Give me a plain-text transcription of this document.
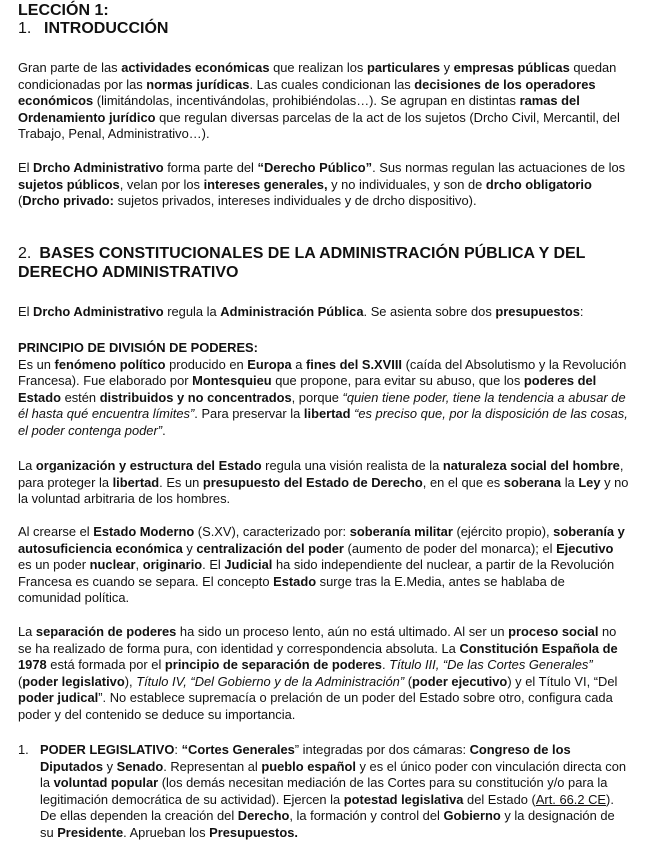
LECCIÓN 1:
1. INTRODUCCIÓN

Gran parte de las actividades económicas que realizan los particulares y empresas públicas quedan condicionadas por las normas jurídicas. Las cuales condicionan las decisiones de los operadores económicos (limitándolas, incentivándolas, prohibiéndolas…). Se agrupan en distintas ramas del Ordenamiento jurídico que regulan diversas parcelas de la act de los sujetos (Drcho Civil, Mercantil, del Trabajo, Penal, Administrativo…).

El Drcho Administrativo forma parte del “Derecho Público”. Sus normas regulan las actuaciones de los sujetos públicos, velan por los intereses generales, y no individuales, y son de drcho obligatorio (Drcho privado: sujetos privados, intereses individuales y de drcho dispositivo).

2. BASES CONSTITUCIONALES DE LA ADMINISTRACIÓN PÚBLICA Y DEL DERECHO ADMINISTRATIVO

El Drcho Administrativo regula la Administración Pública. Se asienta sobre dos presupuestos:

PRINCIPIO DE DIVISIÓN DE PODERES:
Es un fenómeno político producido en Europa a fines del S.XVIII (caída del Absolutismo y la Revolución Francesa). Fue elaborado por Montesquieu que propone, para evitar su abuso, que los poderes del Estado estén distribuidos y no concentrados, porque “quien tiene poder, tiene la tendencia a abusar de él hasta qué encuentra límites”. Para preservar la libertad “es preciso que, por la disposición de las cosas, el poder contenga poder”.

La organización y estructura del Estado regula una visión realista de la naturaleza social del hombre, para proteger la libertad. Es un presupuesto del Estado de Derecho, en el que es soberana la Ley y no la voluntad arbitraria de los hombres.

Al crearse el Estado Moderno (S.XV), caracterizado por: soberanía militar (ejército propio), soberanía y autosuficiencia económica y centralización del poder (aumento de poder del monarca); el Ejecutivo es un poder nuclear, originario. El Judicial ha sido independiente del nuclear, a partir de la Revolución Francesa es cuando se separa. El concepto Estado surge tras la E.Media, antes se hablaba de comunidad política.

La separación de poderes ha sido un proceso lento, aún no está ultimado. Al ser un proceso social no se ha realizado de forma pura, con identidad y correspondencia absoluta. La Constitución Española de 1978 está formada por el principio de separación de poderes. Título III, “De las Cortes Generales” (poder legislativo), Título IV, “Del Gobierno y de la Administración” (poder ejecutivo) y el Título VI, “Del poder judical”. No establece supremacía o prelación de un poder del Estado sobre otro, configura cada poder y del contenido se deduce su importancia.

1. PODER LEGISLATIVO: “Cortes Generales” integradas por dos cámaras: Congreso de los Diputados y Senado. Representan al pueblo español y es el único poder con vinculación directa con la voluntad popular (los demás necesitan mediación de las Cortes para su constitución y/o para la legitimación democrática de su actividad). Ejercen la potestad legislativa del Estado (Art. 66.2 CE). De ellas dependen la creación del Derecho, la formación y control del Gobierno y la designación de su Presidente. Aprueban los Presupuestos.
